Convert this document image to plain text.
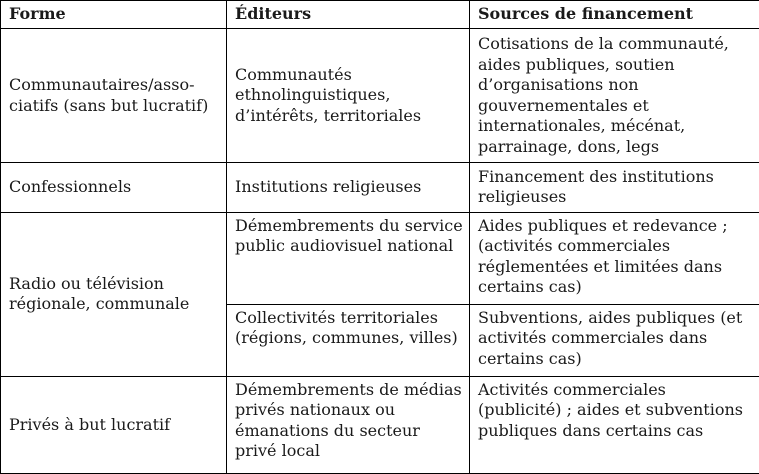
Forme	Éditeurs	Sources de financement
Communautaires/asso-ciatifs (sans but lucratif)	Communautés ethnolinguistiques, d’intérêts, territoriales	Cotisations de la communauté, aides publiques, soutien d’organisations non gouvernementales et internationales, mécénat, parrainage, dons, legs
Confessionnels	Institutions religieuses	Financement des institutions religieuses
Radio ou télévision régionale, communale	Démembrements du service public audiovisuel national	Aides publiques et redevance ; (activités commerciales réglementées et limitées dans certains cas)
	Collectivités territoriales (régions, communes, villes)	Subventions, aides publiques (et activités commerciales dans certains cas)
Privés à but lucratif	Démembrements de médias privés nationaux ou émanations du secteur privé local	Activités commerciales (publicité) ; aides et subventions publiques dans certains cas
